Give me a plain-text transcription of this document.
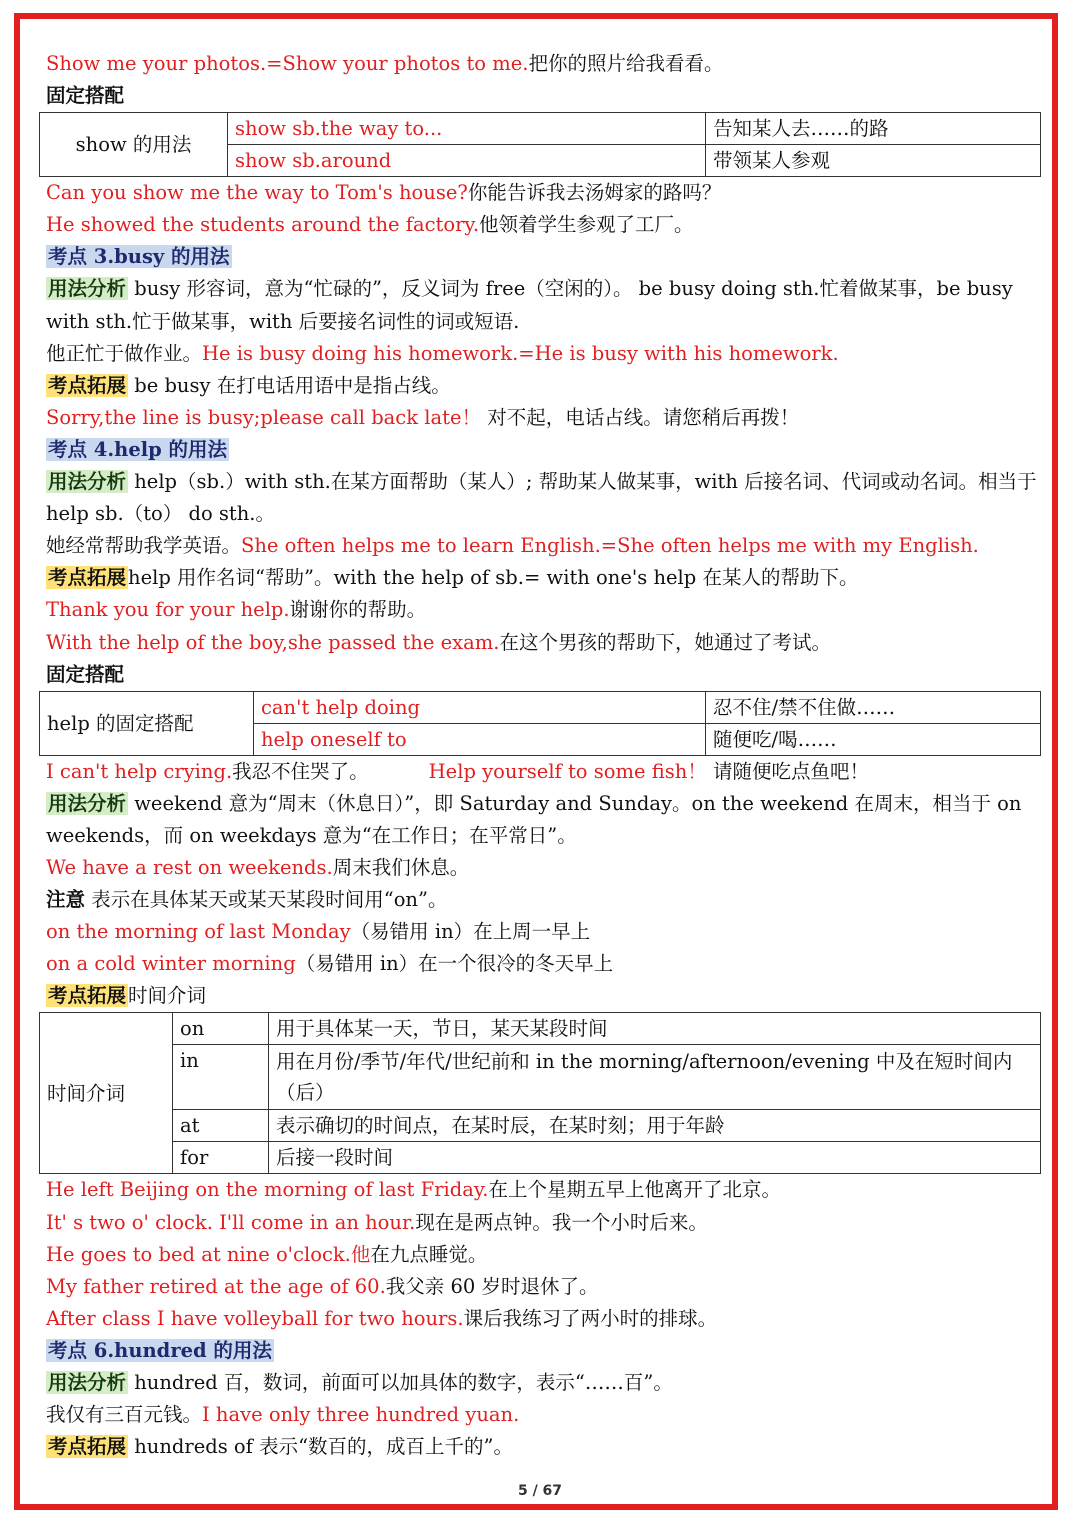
Show me your photos.=Show your photos to me.把你的照片给我看看。
固定搭配
show 的用法	show sb.the way to...	告知某人去……的路
	show sb.around	带领某人参观
Can you show me the way to Tom's house?你能告诉我去汤姆家的路吗？
He showed the students around the factory.他领着学生参观了工厂。
考点 3.busy 的用法
用法分析 busy 形容词，意为“忙碌的”，反义词为 free（空闲的）。 be busy doing sth.忙着做某事，be busy with sth.忙于做某事，with 后要接名词性的词或短语.
他正忙于做作业。He is busy doing his homework.=He is busy with his homework.
考点拓展 be busy 在打电话用语中是指占线。
Sorry,the line is busy;please call back late！ 对不起，电话占线。请您稍后再拨！
考点 4.help 的用法
用法分析 help（sb.）with sth.在某方面帮助（某人）; 帮助某人做某事，with 后接名词、代词或动名词。相当于 help sb.（to） do sth.。
她经常帮助我学英语。She often helps me to learn English.=She often helps me with my English.
考点拓展 help 用作名词“帮助”。with the help of sb.= with one's help 在某人的帮助下。
Thank you for your help.谢谢你的帮助。
With the help of the boy,she passed the exam.在这个男孩的帮助下，她通过了考试。
固定搭配
help 的固定搭配	can't help doing	忍不住/禁不住做……
	help oneself to	随便吃/喝……
I can't help crying.我忍不住哭了。	Help yourself to some fish！ 请随便吃点鱼吧！
用法分析 weekend 意为“周末（休息日）”，即 Saturday and Sunday。on the weekend 在周末，相当于 on weekends，而 on weekdays 意为“在工作日；在平常日”。
We have a rest on weekends.周末我们休息。
注意 表示在具体某天或某天某段时间用“on”。
on the morning of last Monday（易错用 in）在上周一早上
on a cold winter morning（易错用 in）在一个很冷的冬天早上
考点拓展 时间介词
时间介词	on	用于具体某一天，节日，某天某段时间
	in	用在月份/季节/年代/世纪前和 in the morning/afternoon/evening 中及在短时间内（后）
	at	表示确切的时间点，在某时辰，在某时刻；用于年龄
	for	后接一段时间
He left Beijing on the morning of last Friday.在上个星期五早上他离开了北京。
It' s two o' clock. I'll come in an hour.现在是两点钟。我一个小时后来。
He goes to bed at nine o'clock.他在九点睡觉。
My father retired at the age of 60.我父亲 60 岁时退休了。
After class I have volleyball for two hours.课后我练习了两小时的排球。
考点 6.hundred 的用法
用法分析 hundred 百，数词，前面可以加具体的数字，表示“……百”。
我仅有三百元钱。I have only three hundred yuan.
考点拓展 hundreds of 表示“数百的，成百上千的”。
5 / 67
